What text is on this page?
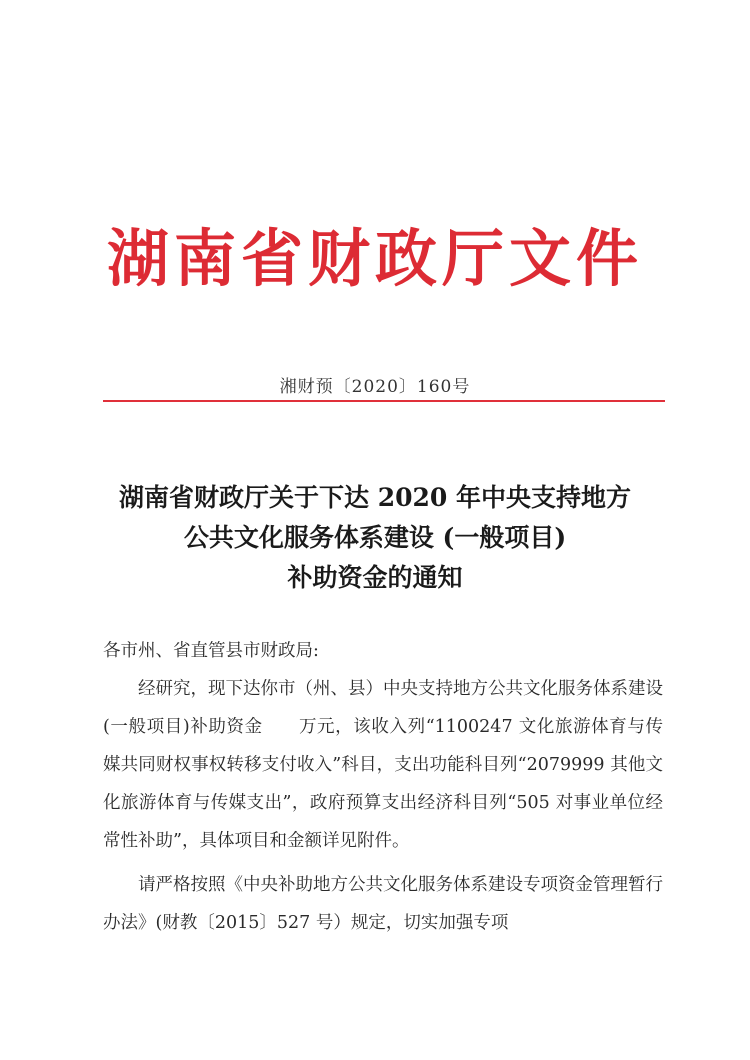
湖南省财政厅文件
湘财预〔2020〕160号
湖南省财政厅关于下达 2020 年中央支持地方
公共文化服务体系建设 (一般项目)
补助资金的通知
各市州、省直管县市财政局:
经研究，现下达你市（州、县）中央支持地方公共文化服务体系建设(一般项目)补助资金　　万元，该收入列“1100247 文化旅游体育与传媒共同财权事权转移支付收入”科目，支出功能科目列“2079999 其他文化旅游体育与传媒支出”，政府预算支出经济科目列“505 对事业单位经常性补助”，具体项目和金额详见附件。
请严格按照《中央补助地方公共文化服务体系建设专项资金管理暂行办法》(财教〔2015〕527 号）规定，切实加强专项
